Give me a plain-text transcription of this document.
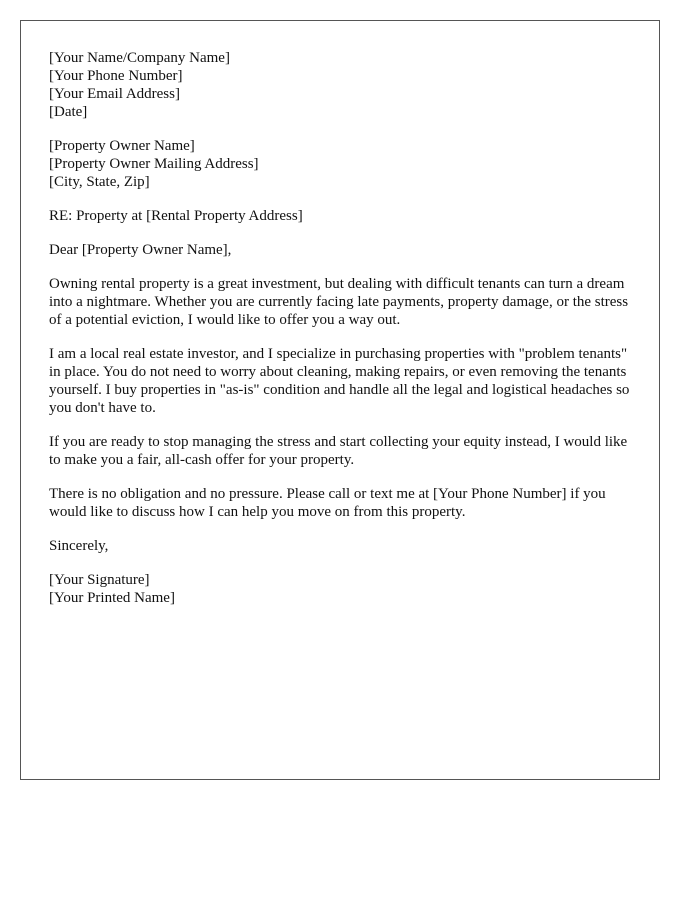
[Your Name/Company Name]
[Your Phone Number]
[Your Email Address]
[Date]
[Property Owner Name]
[Property Owner Mailing Address]
[City, State, Zip]

RE: Property at [Rental Property Address]

Dear [Property Owner Name],

Owning rental property is a great investment, but dealing with difficult tenants can turn a dream into a nightmare. Whether you are currently facing late payments, property damage, or the stress of a potential eviction, I would like to offer you a way out.

I am a local real estate investor, and I specialize in purchasing properties with "problem tenants" in place. You do not need to worry about cleaning, making repairs, or even removing the tenants yourself. I buy properties in "as-is" condition and handle all the legal and logistical headaches so you don't have to.

If you are ready to stop managing the stress and start collecting your equity instead, I would like to make you a fair, all-cash offer for your property.

There is no obligation and no pressure. Please call or text me at [Your Phone Number] if you would like to discuss how I can help you move on from this property.

Sincerely,

[Your Signature]
[Your Printed Name]
